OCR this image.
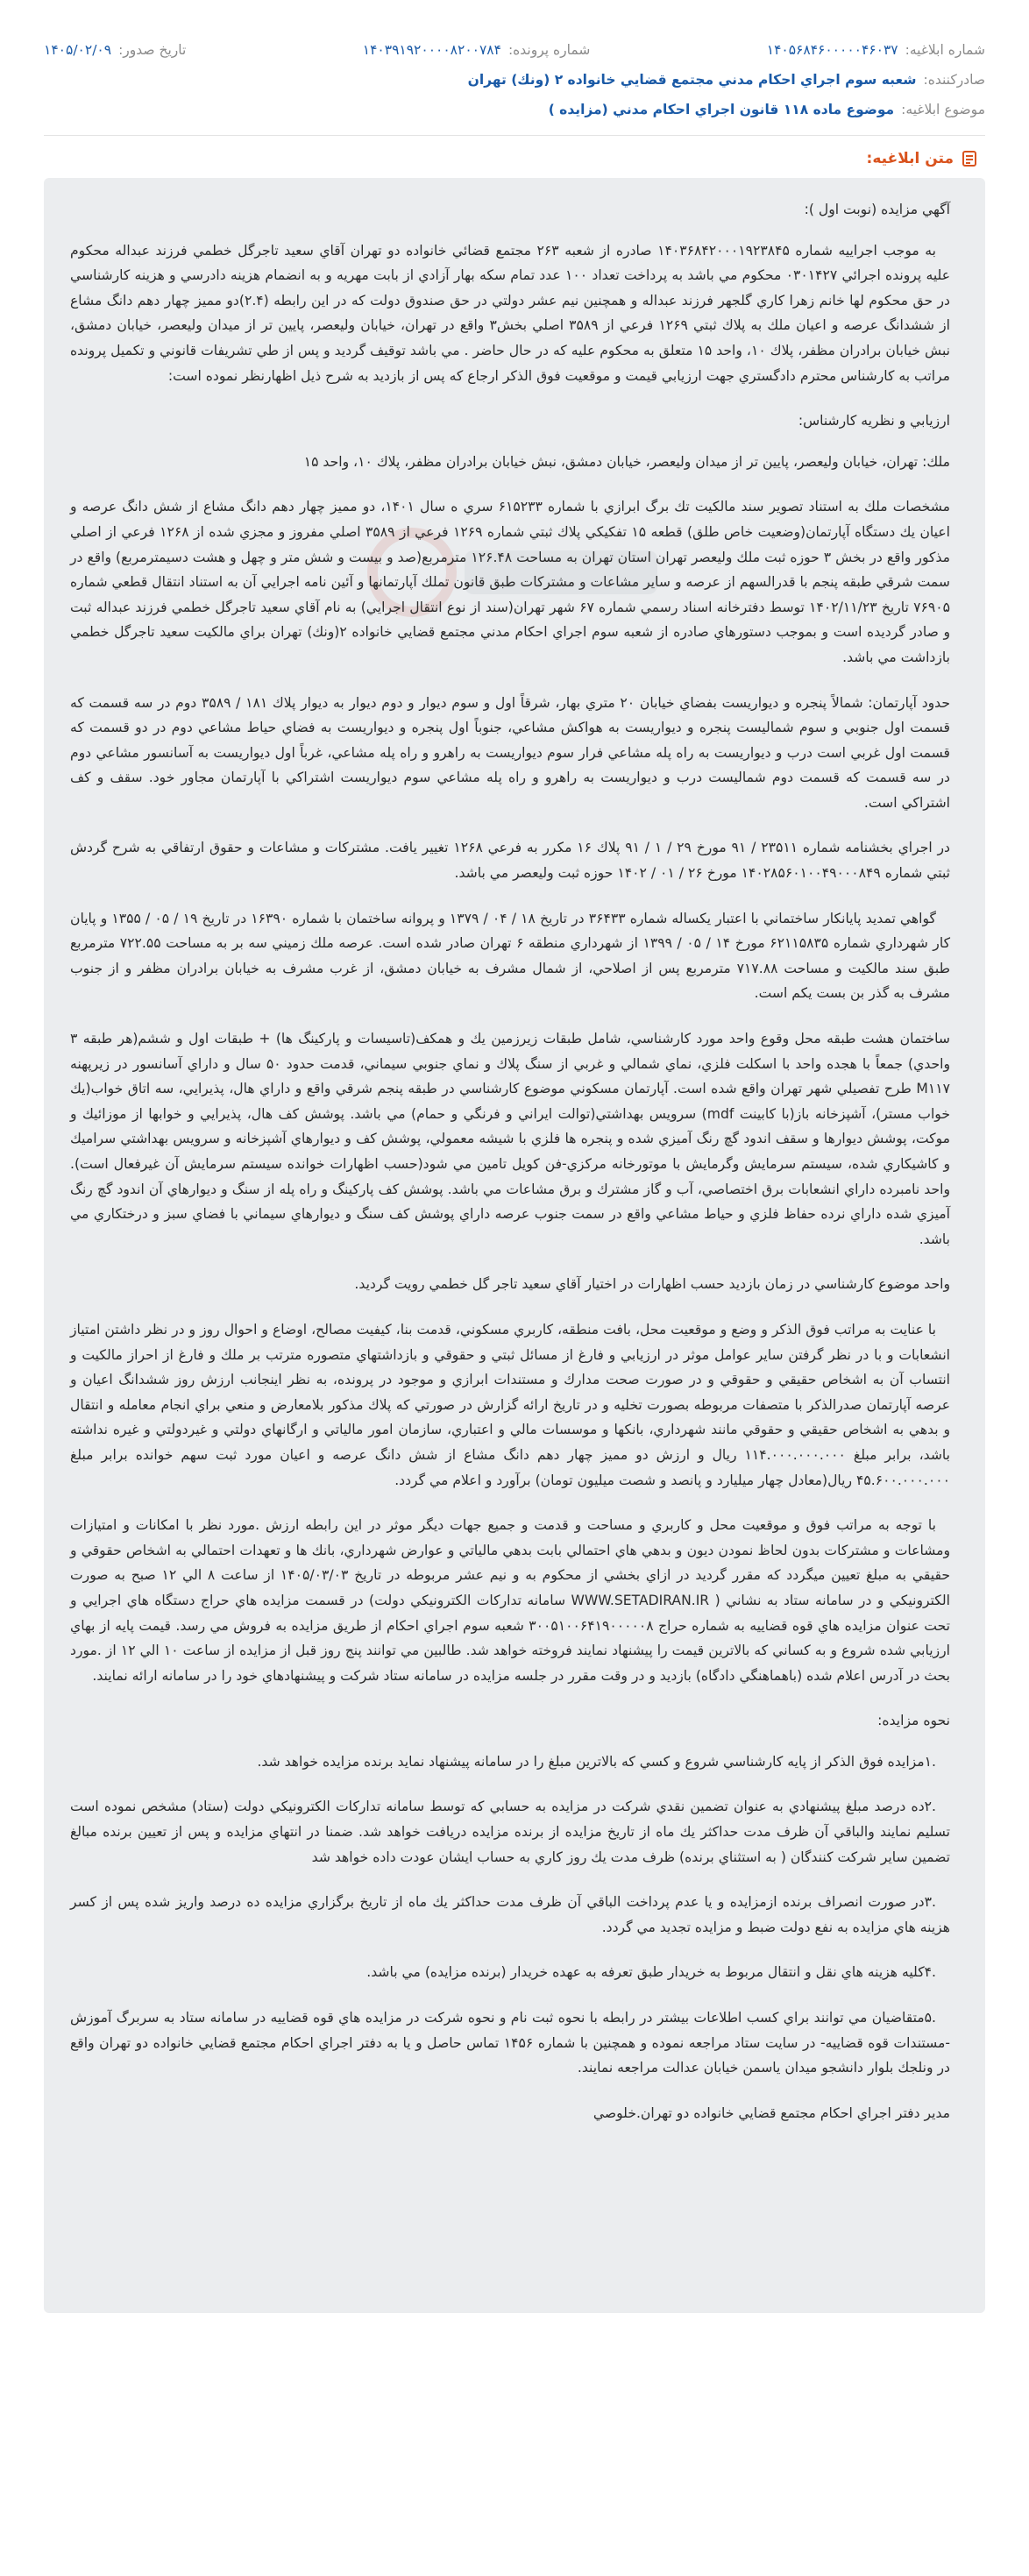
شماره ابلاغیه:
۱۴۰۵۶۸۴۶۰۰۰۰۰۴۶۰۳۷
شماره پرونده:
۱۴۰۳۹۱۹۲۰۰۰۰۸۲۰۰۷۸۴
تاریخ صدور:
۱۴۰۵/۰۲/۰۹
صادرکننده:
شعبه سوم اجراي احكام مدني مجتمع قضايي خانواده ۲ (ونك) تهران
موضوع ابلاغیه:
موضوع ماده ۱۱۸ قانون اجراي احكام مدني (مزايده )
متن ابلاغیه:

آگهي مزايده (نوبت اول ):

به موجب اجراييه شماره ۱۴۰۳۶۸۴۲۰۰۰۱۹۲۳۸۴۵ صادره از شعبه ۲۶۳ مجتمع قضائي خانواده دو تهران آقاي سعيد تاجرگل خطمي فرزند عبداله محكوم عليه پرونده اجرائي ۰۳۰۱۴۲۷ محكوم مي باشد به پرداخت تعداد ۱۰۰ عدد تمام سكه بهار آزادي از بابت مهريه و به انضمام هزينه دادرسي و هزينه كارشناسي در حق محكوم لها خانم زهرا كاري گلجهر فرزند عبداله و همچنين نيم عشر دولتي در حق صندوق دولت كه در اين رابطه (۲.۴)دو مميز چهار دهم دانگ مشاع از ششدانگ عرصه و اعيان ملك به پلاك ثبتي ۱۲۶۹ فرعي از ۳۵۸۹ اصلي بخش۳ واقع در تهران، خيابان وليعصر، پايين تر از ميدان وليعصر، خيابان دمشق، نبش خيابان برادران مظفر، پلاك ۱۰، واحد ۱۵ متعلق به محكوم عليه كه در حال حاضر . مي باشد توقيف گرديد و پس از طي تشريفات قانوني و تكميل پرونده مراتب به كارشناس محترم دادگستري جهت ارزيابي قيمت و موقعيت فوق الذكر ارجاع كه پس از بازديد به شرح ذيل اظهارنظر نموده است:

ارزيابي و نظريه كارشناس:

ملك: تهران، خيابان وليعصر، پايين تر از ميدان وليعصر، خيابان دمشق، نبش خيابان برادران مظفر، پلاك ۱۰، واحد ۱۵

مشخصات ملك به استناد تصوير سند مالكيت تك برگ ابرازي با شماره ۶۱۵۲۳۳ سري ه سال ۱۴۰۱، دو مميز چهار دهم دانگ مشاع از شش دانگ عرصه و اعيان يك دستگاه آپارتمان(وضعيت خاص طلق) قطعه ۱۵ تفكيكي پلاك ثبتي شماره ۱۲۶۹ فرعي از ۳۵۸۹ اصلي مفروز و مجزي شده از ۱۲۶۸ فرعي از اصلي مذكور واقع در بخش ۳ حوزه ثبت ملك وليعصر تهران استان تهران به مساحت ۱۲۶.۴۸ مترمربع(صد و بيست و شش متر و چهل و هشت دسيمترمربع) واقع در سمت شرقي طبقه پنجم با قدرالسهم از عرصه و ساير مشاعات و مشتركات طبق قانون تملك آپارتمانها و آئين نامه اجرايي آن به استناد انتقال قطعي شماره ۷۶۹۰۵ تاريخ ۱۴۰۲/۱۱/۲۳ توسط دفترخانه اسناد رسمي شماره ۶۷ شهر تهران(سند از نوع انتقال اجرايي) به نام آقاي سعيد تاجرگل خطمي فرزند عبداله ثبت و صادر گرديده است و بموجب دستورهاي صادره از شعبه سوم اجراي احكام مدني مجتمع قضايي خانواده ۲(ونك) تهران براي مالكيت سعيد تاجرگل خطمي بازداشت مي باشد.

حدود آپارتمان: شمالاً پنجره و ديواريست بفضاي خيابان ۲۰ متري بهار، شرقاً اول و سوم ديوار و دوم ديوار به ديوار پلاك ۱۸۱ / ۳۵۸۹ دوم در سه قسمت كه قسمت اول جنوبي و سوم شماليست پنجره و ديواريست به هواكش مشاعي، جنوباً اول پنجره و ديواريست به فضاي حياط مشاعي دوم در دو قسمت كه قسمت اول غربي است درب و ديواريست به راه پله مشاعي فرار سوم ديواريست به راهرو و راه پله مشاعي، غرباً اول ديواريست به آسانسور مشاعي دوم در سه قسمت كه قسمت دوم شماليست درب و ديواريست به راهرو و راه پله مشاعي سوم ديواريست اشتراكي با آپارتمان مجاور خود. سقف و كف اشتراكي است.

در اجراي بخشنامه شماره ۲۳۵۱۱ / ۹۱ مورخ ۲۹ / ۱ / ۹۱ پلاك ۱۶ مكرر به فرعي ۱۲۶۸ تغيير يافت. مشتركات و مشاعات و حقوق ارتفاقي به شرح گردش ثبتي شماره ۱۴۰۲۸۵۶۰۱۰۰۴۹۰۰۰۸۴۹ مورخ ۲۶ / ۰۱ / ۱۴۰۲ حوزه ثبت وليعصر مي باشد.

گواهي تمديد پايانكار ساختماني با اعتبار يكساله شماره ۳۶۴۳۳ در تاريخ ۱۸ / ۰۴ / ۱۳۷۹ و پروانه ساختمان با شماره ۱۶۳۹۰ در تاريخ ۱۹ / ۰۵ / ۱۳۵۵ و پايان كار شهرداري شماره ۶۲۱۱۵۸۳۵ مورخ ۱۴ / ۰۵ / ۱۳۹۹ از شهرداري منطقه ۶ تهران صادر شده است. عرصه ملك زميني سه بر به مساحت ۷۲۲.۵۵ مترمربع طبق سند مالكيت و مساحت ۷۱۷.۸۸ مترمربع پس از اصلاحي، از شمال مشرف به خيابان دمشق، از غرب مشرف به خيابان برادران مظفر و از جنوب مشرف به گذر بن بست يكم است.

ساختمان هشت طبقه محل وقوع واحد مورد كارشناسي، شامل طبقات زيرزمين يك و همكف(تاسيسات و پاركينگ ها) + طبقات اول و ششم(هر طبقه ۳ واحدي) جمعاً با هجده واحد با اسكلت فلزي، نماي شمالي و غربي از سنگ پلاك و نماي جنوبي سيماني، قدمت حدود ۵۰ سال و داراي آسانسور در زيرپهنه M۱۱۷ طرح تفصيلي شهر تهران واقع شده است. آپارتمان مسكوني موضوع كارشناسي در طبقه پنجم شرقي واقع و داراي هال، پذيرايي، سه اتاق خواب(يك خواب مستر)، آشپزخانه باز(با كابينت mdf) سرويس بهداشتي(توالت ايراني و فرنگي و حمام) مي باشد. پوشش كف هال، پذيرايي و خوابها از موزائيك و موكت، پوشش ديوارها و سقف اندود گچ رنگ آميزي شده و پنجره ها فلزي با شيشه معمولي، پوشش كف و ديوارهاي آشپزخانه و سرويس بهداشتي سراميك و كاشيكاري شده، سيستم سرمايش وگرمايش با موتورخانه مركزي-فن كويل تامين مي شود(حسب اظهارات خوانده سيستم سرمايش آن غيرفعال است). واحد نامبرده داراي انشعابات برق اختصاصي، آب و گاز مشترك و برق مشاعات مي باشد. پوشش كف پاركينگ و راه پله از سنگ و ديوارهاي آن اندود گچ رنگ آميزي شده داراي نرده حفاظ فلزي و حياط مشاعي واقع در سمت جنوب عرصه داراي پوشش كف سنگ و ديوارهاي سيماني با فضاي سبز و درختكاري مي باشد.

واحد موضوع كارشناسي در زمان بازديد حسب اظهارات در اختيار آقاي سعيد تاجر گل خطمي رويت گرديد.

با عنايت به مراتب فوق الذكر و وضع و موقعيت محل، بافت منطقه، كاربري مسكوني، قدمت بنا، كيفيت مصالح، اوضاع و احوال روز و در نظر داشتن امتياز انشعابات و با در نظر گرفتن ساير عوامل موثر در ارزيابي و فارغ از مسائل ثبتي و حقوقي و بازداشتهاي متصوره مترتب بر ملك و فارغ از احراز مالكيت و انتساب آن به اشخاص حقيقي و حقوقي و در صورت صحت مدارك و مستندات ابرازي و موجود در پرونده، به نظر اينجانب ارزش روز ششدانگ اعيان و عرصه آپارتمان صدرالذكر با متصفات مربوطه بصورت تخليه و در تاريخ ارائه گزارش در صورتي كه پلاك مذكور بلامعارض و منعي براي انجام معامله و انتقال و بدهي به اشخاص حقيقي و حقوقي مانند شهرداري، بانكها و موسسات مالي و اعتباري، سازمان امور مالياتي و ارگانهاي دولتي و غيردولتي و غيره نداشته باشد، برابر مبلغ ۱۱۴.۰۰۰.۰۰۰.۰۰۰ ريال و ارزش دو مميز چهار دهم دانگ مشاع از شش دانگ عرصه و اعيان مورد ثبت سهم خوانده برابر مبلغ ۴۵.۶۰۰.۰۰۰.۰۰۰ ريال(معادل چهار ميليارد و پانصد و شصت ميليون تومان) برآورد و اعلام مي گردد.

با توجه به مراتب فوق و موقعيت محل و كاربري و مساحت و قدمت و جميع جهات ديگر موثر در اين رابطه ارزش .مورد نظر با امكانات و امتيازات ومشاعات و مشتركات بدون لحاظ نمودن ديون و بدهي هاي احتمالي بابت بدهي مالياتي و عوارض شهرداري، بانك ها و تعهدات احتمالي به اشخاص حقوقي و حقيقي به مبلغ تعيين ميگردد كه مقرر گرديد در ازاي بخشي از محكوم به و نيم عشر مربوطه در تاريخ ۱۴۰۵/۰۳/۰۳ از ساعت ۸ الي ۱۲ صبح به صورت الكترونيكي و در سامانه ستاد به نشاني ( WWW.SETADIRAN.IR سامانه تداركات الكترونيكي دولت) در قسمت مزايده هاي حراج دستگاه هاي اجرايي و تحت عنوان مزايده هاي قوه قضاييه به شماره حراج ۳۰۰۵۱۰۰۶۴۱۹۰۰۰۰۰۸ شعبه سوم اجراي احكام از طريق مزايده به فروش مي رسد. قيمت پايه از بهاي ارزيابي شده شروع و به كساني كه بالاترين قيمت را پيشنهاد نمايند فروخته خواهد شد. طالبين مي توانند پنج روز قبل از مزايده از ساعت ۱۰ الي ۱۲ از .مورد بحث در آدرس اعلام شده (باهماهنگي دادگاه) بازديد و در وقت مقرر در جلسه مزايده در سامانه ستاد شركت و پيشنهادهاي خود را در سامانه ارائه نمايند.

نحوه مزايده:

.۱مزايده فوق الذكر از پايه كارشناسي شروع و كسي كه بالاترين مبلغ را در سامانه پيشنهاد نمايد برنده مزايده خواهد شد.

.۲ده درصد مبلغ پيشنهادي به عنوان تضمين نقدي شركت در مزايده به حسابي كه توسط سامانه تداركات الكترونيكي دولت (ستاد) مشخص نموده است تسليم نمايند والباقي آن ظرف مدت حداكثر يك ماه از تاريخ مزايده از برنده مزايده دريافت خواهد شد. ضمنا در انتهاي مزايده و پس از تعيين برنده مبالغ تضمين ساير شركت كنندگان ( به استثناي برنده) ظرف مدت يك روز كاري به حساب ايشان عودت داده خواهد شد

.۳در صورت انصراف برنده ازمزايده و يا عدم پرداخت الباقي آن ظرف مدت حداكثر يك ماه از تاريخ برگزاري مزايده ده درصد واريز شده پس از كسر هزينه هاي مزايده به نفع دولت ضبط و مزايده تجديد مي گردد.

.۴كليه هزينه هاي نقل و انتقال مربوط به خريدار طبق تعرفه به عهده خريدار (برنده مزايده) مي باشد.

.۵متقاضيان مي توانند براي كسب اطلاعات بيشتر در رابطه با نحوه ثبت نام و نحوه شركت در مزايده هاي قوه قضاييه در سامانه ستاد به سربرگ آموزش -مستندات قوه قضاييه- در سايت ستاد مراجعه نموده و همچنين با شماره ۱۴۵۶ تماس حاصل و يا به دفتر اجراي احكام مجتمع قضايي خانواده دو تهران واقع در ونلجك بلوار دانشجو ميدان ياسمن خيابان عدالت مراجعه نمايند.

مدير دفتر اجراي احكام مجتمع قضايي خانواده دو تهران.خلوصي
